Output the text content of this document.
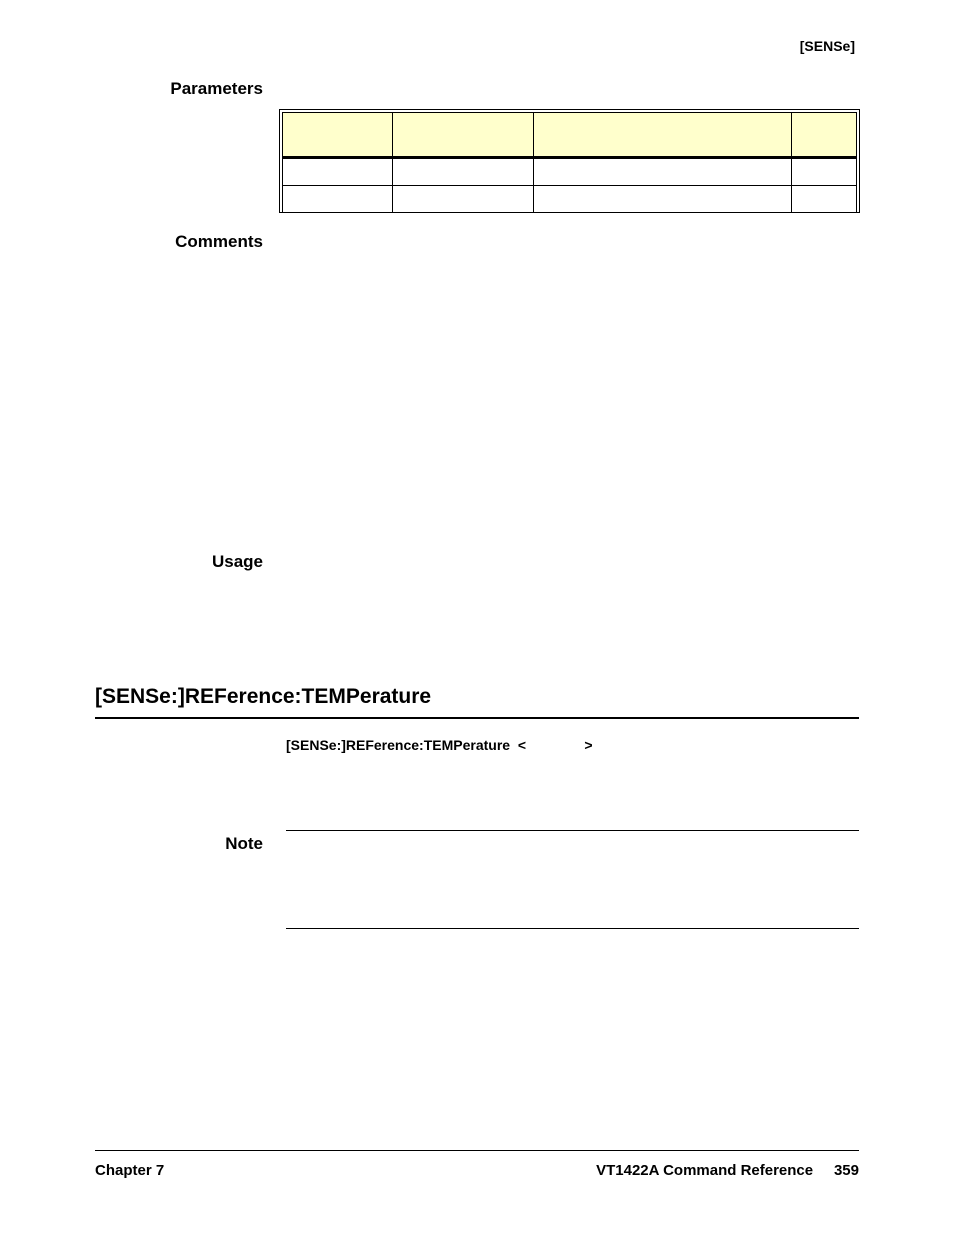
[SENSe]
Parameters

Comments
Usage
[SENSe:]REFerence:TEMPerature
[SENSe:]REFerence:TEMPerature <	>
Note
Chapter 7	VT1422A Command Reference 359
